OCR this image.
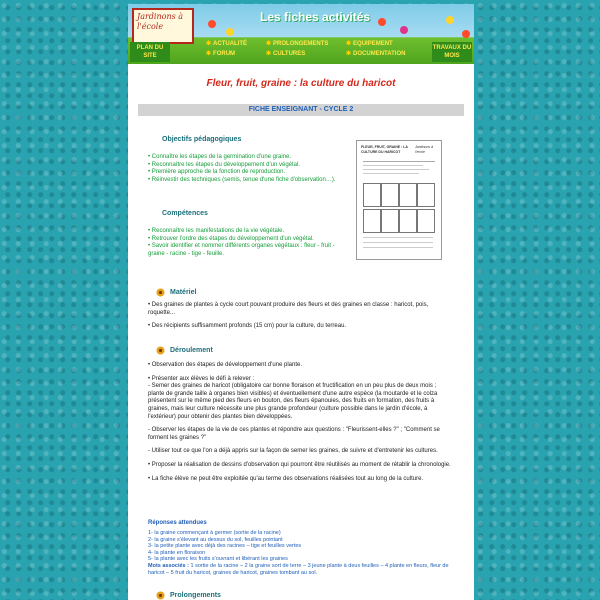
Jardinons à l'école
Les fiches activités
PLAN DU SITE
TRAVAUX DU MOIS
✱ ACTUALITÉ
✱ FORUM
✱ PROLONGEMENTS
✱ CULTURES
✱ EQUIPEMENT
✱ DOCUMENTATION
Fleur, fruit, graine : la culture du haricot
FICHE ENSEIGNANT - CYCLE 2
Objectifs pédagogiques
• Connaître les étapes de la germination d'une graine.
• Reconnaître les étapes du développement d'un végétal.
• Première approche de la fonction de reproduction.
• Réinvestir des techniques (semis, tenue d'une fiche d'observation…).
FLEUR, FRUIT, GRAINE : LA CULTURE DU HARICOT
Jardinons à l'école
Compétences
• Reconnaître les manifestations de la vie végétale.
• Retrouver l'ordre des étapes du développement d'un végétal.
• Savoir identifier et nommer différents organes végétaux : fleur - fruit - graine - racine - tige - feuille.
Matériel
• Des graines de plantes à cycle court pouvant produire des fleurs et des graines en classe : haricot, pois, roquette...
• Des récipients suffisamment profonds (15 cm) pour la culture, du terreau.
Déroulement
• Observation des étapes de développement d'une plante.
• Présenter aux élèves le défi à relever :
- Semer des graines de haricot (obligatoire car bonne floraison et fructification en un peu plus de deux mois ; plante de grande taille à organes bien visibles) et éventuellement d'une autre espèce (la moutarde et le colza présentent sur le même pied des fleurs en bouton, des fleurs épanouies, des fruits en formation, des fruits à graines, mais leur culture nécessite une plus grande profondeur (culture possible dans le jardin d'école, à l'extérieur) pour obtenir des plantes bien développées.
- Observer les étapes de la vie de ces plantes et répondre aux questions : "Fleurissent-elles ?" ; "Comment se forment les graines ?"
- Utiliser tout ce que l'on a déjà appris sur la façon de semer les graines, de suivre et d'entretenir les cultures.
• Proposer la réalisation de dessins d'observation qui pourront être réutilisés au moment de rétablir la chronologie.
• La fiche élève ne peut être exploitée qu'au terme des observations réalisées tout au long de la culture.
Réponses attendues
1- la graine commençant à germer (sortie de la racine)
2- la graine s'élevant au dessus du sol, feuilles pointant
3- la petite plante avec déjà des racines – tige et feuilles vertes
4- la plante en floraison
5- la plante avec les fruits s'ouvrant et libérant les graines
Mots associés : 1 sortie de la racine – 2 la graine sort de terre – 3 jeune plante à deux feuilles – 4 plante en fleurs, fleur de haricot – 5 fruit du haricot, graines de haricot, graines tombant au sol.
Prolongements
